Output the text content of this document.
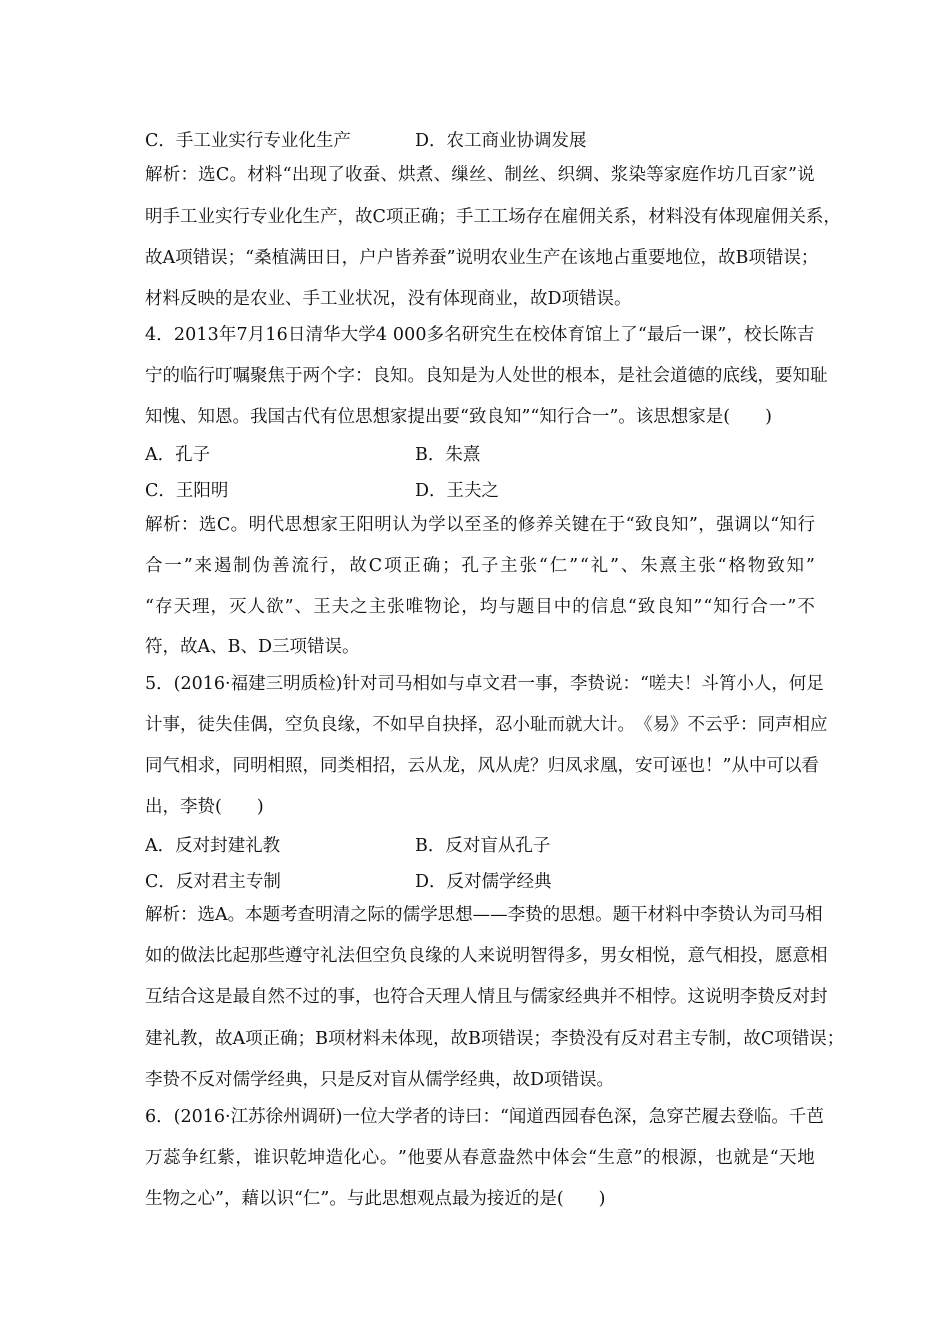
C．手工业实行专业化生产	D．农工商业协调发展
解 析 ： 选 C 。 材 料 “ 出 现 了 收 蚕 、 烘 煮 、 缫 丝 、 制 丝 、 织 绸 、 浆 染 等 家 庭 作 坊 几 百 家 ” 说
明 手 工 业 实 行 专 业 化 生 产 ， 故 C 项 正 确 ； 手 工 工 场 存 在 雇 佣 关 系 ， 材 料 没 有 体 现 雇 佣 关 系 ，
故 A 项 错 误 ； “ 桑 植 满 田 日 ， 户 户 皆 养 蚕 ” 说 明 农 业 生 产 在 该 地 占 重 要 地 位 ， 故 B 项 错 误 ；
材料反映的是农业、手工业状况，没有体现商业，故D项错误。
4 ． 2 0 1 3 年 7 月 1 6 日 清 华 大 学 4
0 0 0 多 名 研 究 生 在 校 体 育 馆 上 了 “ 最 后 一 课 ” ， 校 长 陈 吉
宁 的 临 行 叮 嘱 聚 焦 于 两 个 字 ： 良 知 。 良 知 是 为 人 处 世 的 根 本 ， 是 社 会 道 德 的 底 线 ， 要 知 耻
知愧、知恩。我国古代有位思想家提出要“致良知”“知行合一”。该思想家是(　　)
A．孔子	B．朱熹
C．王阳明	D．王夫之
解 析 ： 选 C 。 明 代 思 想 家 王 阳 明 认 为 学 以 至 圣 的 修 养 关 键 在 于 “ 致 良 知 ” ， 强 调 以 “ 知 行
合 一 ” 来 遏 制 伪 善 流 行 ， 故 C 项 正 确 ； 孔 子 主 张 “ 仁 ” “ 礼 ” 、 朱 熹 主 张 “ 格 物 致 知 ”
“ 存 天 理 ， 灭 人 欲 ” 、 王 夫 之 主 张 唯 物 论 ， 均 与 题 目 中 的 信 息 “ 致 良 知 ” “ 知 行 合 一 ” 不
符，故A、B、D三项错误。
5 ． ( 2 0 1 6 · 福 建 三 明 质 检 ) 针 对 司 马 相 如 与 卓 文 君 一 事 ， 李 贽 说 ： “ 嗟 夫 ！ 斗 筲 小 人 ， 何 足
计 事 ， 徒 失 佳 偶 ， 空 负 良 缘 ， 不 如 早 自 抉 择 ， 忍 小 耻 而 就 大 计 。 《 易 》 不 云 乎 ： 同 声 相 应
同 气 相 求 ， 同 明 相 照 ， 同 类 相 招 ， 云 从 龙 ， 风 从 虎 ？ 归 凤 求 凰 ， 安 可 诬 也 ！ ” 从 中 可 以 看
出，李贽(　　)
A．反对封建礼教	B．反对盲从孔子
C．反对君主专制	D．反对儒学经典
解 析 ： 选 A 。 本 题 考 查 明 清 之 际 的 儒 学 思 想 — — 李 贽 的 思 想 。 题 干 材 料 中 李 贽 认 为 司 马 相
如 的 做 法 比 起 那 些 遵 守 礼 法 但 空 负 良 缘 的 人 来 说 明 智 得 多 ， 男 女 相 悦 ， 意 气 相 投 ， 愿 意 相
互 结 合 这 是 最 自 然 不 过 的 事 ， 也 符 合 天 理 人 情 且 与 儒 家 经 典 并 不 相 悖 。 这 说 明 李 贽 反 对 封
建 礼 教 ， 故 A 项 正 确 ； B 项 材 料 未 体 现 ， 故 B 项 错 误 ； 李 贽 没 有 反 对 君 主 专 制 ， 故 C 项 错 误 ；
李贽不反对儒学经典，只是反对盲从儒学经典，故D项错误。
6 ． ( 2 0 1 6 · 江 苏 徐 州 调 研 ) 一 位 大 学 者 的 诗 曰 ： “ 闻 道 西 园 春 色 深 ， 急 穿 芒 履 去 登 临 。 千 芭
万 蕊 争 红 紫 ， 谁 识 乾 坤 造 化 心 。 ” 他 要 从 春 意 盎 然 中 体 会 “ 生 意 ” 的 根 源 ， 也 就 是 “ 天 地
生物之心”，藉以识“仁”。与此思想观点最为接近的是(　　)
